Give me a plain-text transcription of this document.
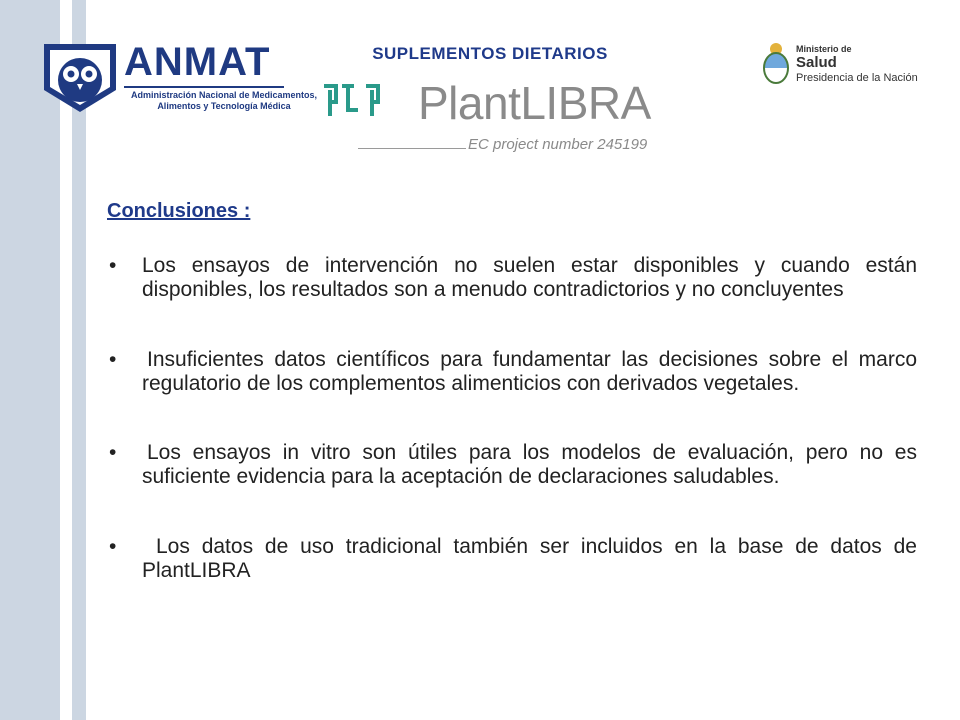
ANMAT
Administración Nacional de Medicamentos,
Alimentos y Tecnología Médica
SUPLEMENTOS DIETARIOS
PlantLIBRA
EC project number 245199
Ministerio de
Salud
Presidencia de la Nación
Conclusiones :
• Los ensayos de intervención no suelen estar disponibles y cuando están disponibles, los resultados son a menudo contradictorios y no concluyentes
• Insuficientes datos científicos para fundamentar las decisiones sobre el marco regulatorio de los complementos alimenticios con derivados vegetales.
• Los ensayos in vitro son útiles para los modelos de evaluación, pero no es suficiente evidencia para la aceptación de declaraciones saludables.
•	Los datos de uso tradicional también ser incluidos en la base de datos de PlantLIBRA
